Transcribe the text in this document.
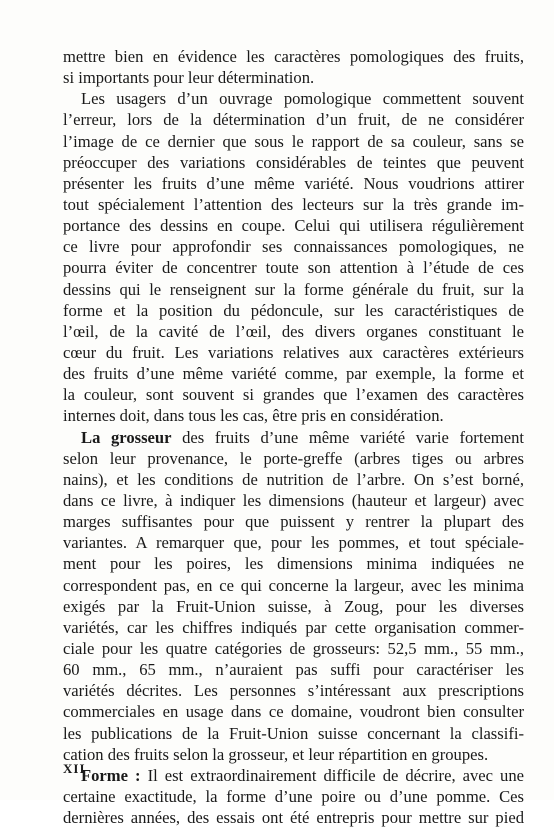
mettre bien en évidence les caractères pomologiques des fruits,
si importants pour leur détermination.
Les usagers d’un ouvrage pomologique commettent souvent
l’erreur, lors de la détermination d’un fruit, de ne considérer
l’image de ce dernier que sous le rapport de sa couleur, sans se
préoccuper des variations considérables de teintes que peuvent
présenter les fruits d’une même variété. Nous voudrions attirer
tout spécialement l’attention des lecteurs sur la très grande im-
portance des dessins en coupe. Celui qui utilisera régulièrement
ce livre pour approfondir ses connaissances pomologiques, ne
pourra éviter de concentrer toute son attention à l’étude de ces
dessins qui le renseignent sur la forme générale du fruit, sur la
forme et la position du pédoncule, sur les caractéristiques de
l’œil, de la cavité de l’œil, des divers organes constituant le
cœur du fruit. Les variations relatives aux caractères extérieurs
des fruits d’une même variété comme, par exemple, la forme et
la couleur, sont souvent si grandes que l’examen des caractères
internes doit, dans tous les cas, être pris en considération.
La grosseur des fruits d’une même variété varie fortement
selon leur provenance, le porte-greffe (arbres tiges ou arbres
nains), et les conditions de nutrition de l’arbre. On s’est borné,
dans ce livre, à indiquer les dimensions (hauteur et largeur) avec
marges suffisantes pour que puissent y rentrer la plupart des
variantes. A remarquer que, pour les pommes, et tout spéciale-
ment pour les poires, les dimensions minima indiquées ne
correspondent pas, en ce qui concerne la largeur, avec les minima
exigés par la Fruit-Union suisse, à Zoug, pour les diverses
variétés, car les chiffres indiqués par cette organisation commer-
ciale pour les quatre catégories de grosseurs: 52,5 mm., 55 mm.,
60 mm., 65 mm., n’auraient pas suffi pour caractériser les
variétés décrites. Les personnes s’intéressant aux prescriptions
commerciales en usage dans ce domaine, voudront bien consulter
les publications de la Fruit-Union suisse concernant la classifi-
cation des fruits selon la grosseur, et leur répartition en groupes.
Forme : Il est extraordinairement difficile de décrire, avec une
certaine exactitude, la forme d’une poire ou d’une pomme. Ces
dernières années, des essais ont été entrepris pour mettre sur pied
XII
